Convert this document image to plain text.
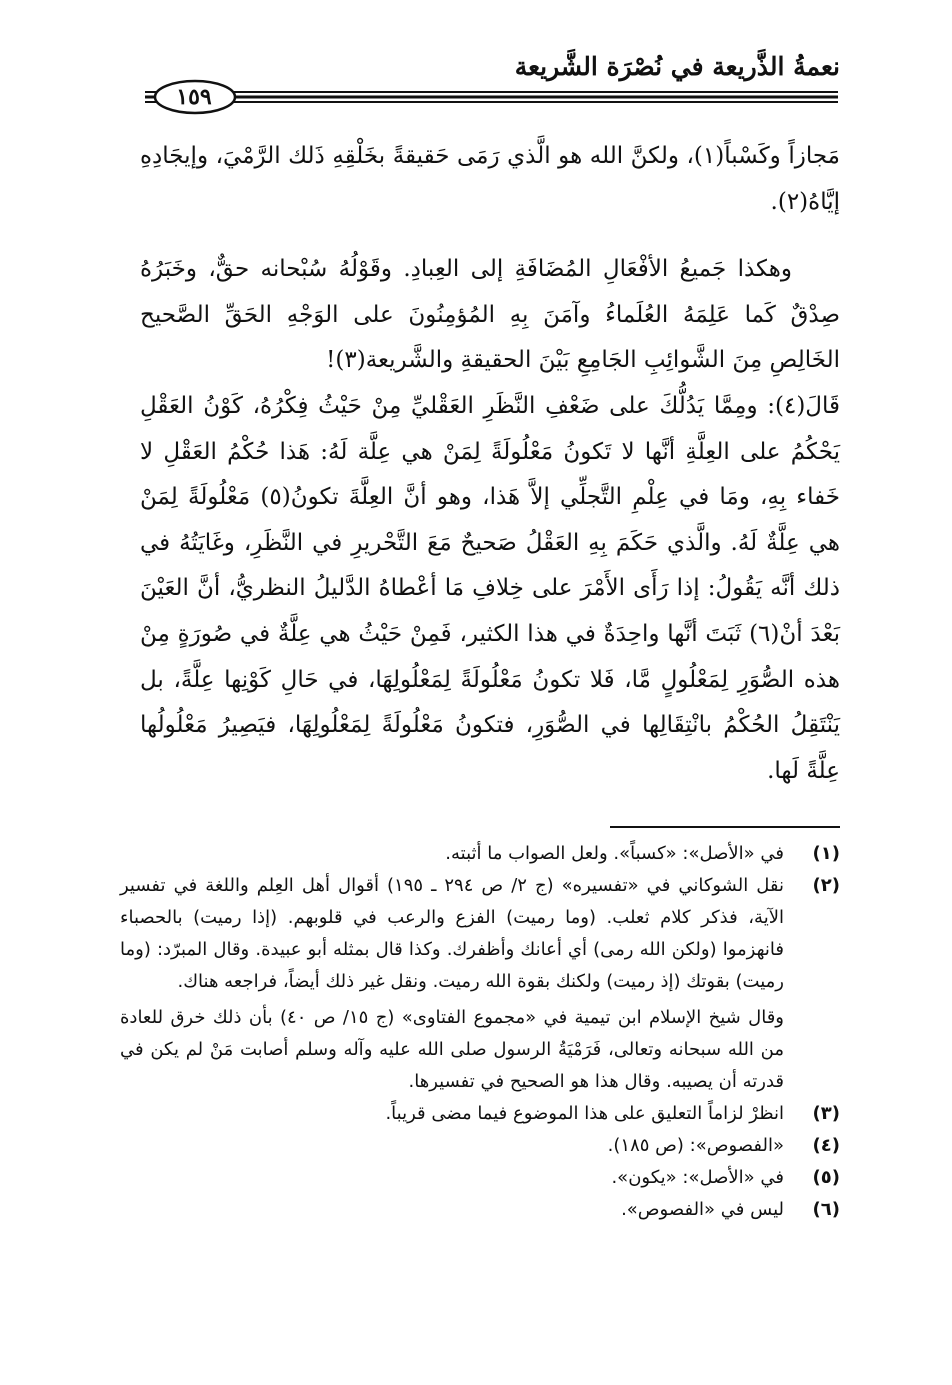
نعمةُ الذَّريعة في نُصْرَة الشَّريعة
١٥٩

مَجازاً وكَسْباً(١)، ولكنَّ الله هو الَّذي رَمَى حَقيقةً بخَلْقِهِ ذَلك الرَّمْيَ، وإيجَادِهِ إيَّاهُ(٢).

وهكذا جَميعُ الأفْعَالِ المُضَافَةِ إلى العِبادِ. وقَوْلُهُ سُبْحانه حقٌّ، وخَبَرُهُ صِدْقٌ كَما عَلِمَهُ العُلَماءُ وآمَنَ بِهِ المُؤمِنُونَ على الوَجْهِ الحَقِّ الصَّحيح الخَالِصِ مِنَ الشَّوائِبِ الجَامِعِ بَيْنَ الحقيقةِ والشَّريعة(٣)!

قَالَ(٤): ومِمَّا يَدُلُّكَ على ضَعْفِ النَّظَرِ العَقْليِّ مِنْ حَيْثُ فِكْرُهُ، كَوْنُ العَقْلِ يَحْكُمُ على العِلَّةِ أنَّها لا تَكونُ مَعْلُولَةً لِمَنْ هي عِلَّة لَهُ: هَذا حُكْمُ العَقْلِ لا خَفاء بِهِ، ومَا في عِلْمِ التَّجلِّي إلاَّ هَذا، وهو أنَّ العِلَّةَ تكونُ(٥) مَعْلُولَةً لِمَنْ هي عِلَّةٌ لَهُ. والَّذي حَكَمَ بِهِ العَقْلُ صَحيحٌ مَعَ التَّحْريرِ في النَّظَرِ، وغَايَتُهُ في ذلك أنَّه يَقُولُ: إذا رَأَى الأَمْرَ على خِلافِ مَا أعْطاهُ الدَّليلُ النظريُّ، أنَّ العَيْنَ بَعْدَ أنْ(٦) ثَبَتَ أنَّها واحِدَةٌ في هذا الكثير، فَمِنْ حَيْثُ هي عِلَّةٌ في صُورَةٍ مِنْ هذه الصُّوَرِ لِمَعْلُولٍ مَّا، فَلا تكونُ مَعْلُولَةً لِمَعْلُولِهَا، في حَالِ كَوْنِها عِلَّةً، بل يَنْتَقِلُ الحُكْمُ بانْتِقَالِها في الصُّوَرِ، فتكونُ مَعْلُولَةً لِمَعْلُولِهَا، فيَصِيرُ مَعْلُولُها عِلَّةً لَها.

(١)
في «الأصل»: «كسباً». ولعل الصواب ما أثبته.
(٢)
نقل الشوكاني في «تفسيره» (ج ٢/ ص ٢٩٤ ـ ١٩٥) أقوال أهل العِلم واللغة في تفسير الآية، فذكر كلام ثعلب. (وما رميت) الفزع والرعب في قلوبهم. (إذا رميت) بالحصباء فانهزموا (ولكن الله رمى) أي أعانك وأظفرك. وكذا قال بمثله أبو عبيدة. وقال المبرّد: (وما رميت) بقوتك (إذ رميت) ولكنك بقوة الله رميت. ونقل غير ذلك أيضاً، فراجعه هناك.
وقال شيخ الإسلام ابن تيمية في «مجموع الفتاوى» (ج ١٥/ ص ٤٠) بأن ذلك خرق للعادة من الله سبحانه وتعالى، فَرَمْيَةُ الرسول صلى الله عليه وآله وسلم أصابت مَنْ لم يكن في قدرته أن يصيبه. وقال هذا هو الصحيح في تفسيرها.
(٣)
انظرْ لزاماً التعليق على هذا الموضوع فيما مضى قريباً.
(٤)
«الفصوص»: (ص ١٨٥).
(٥)
في «الأصل»: «يكون».
(٦)
ليس في «الفصوص».
